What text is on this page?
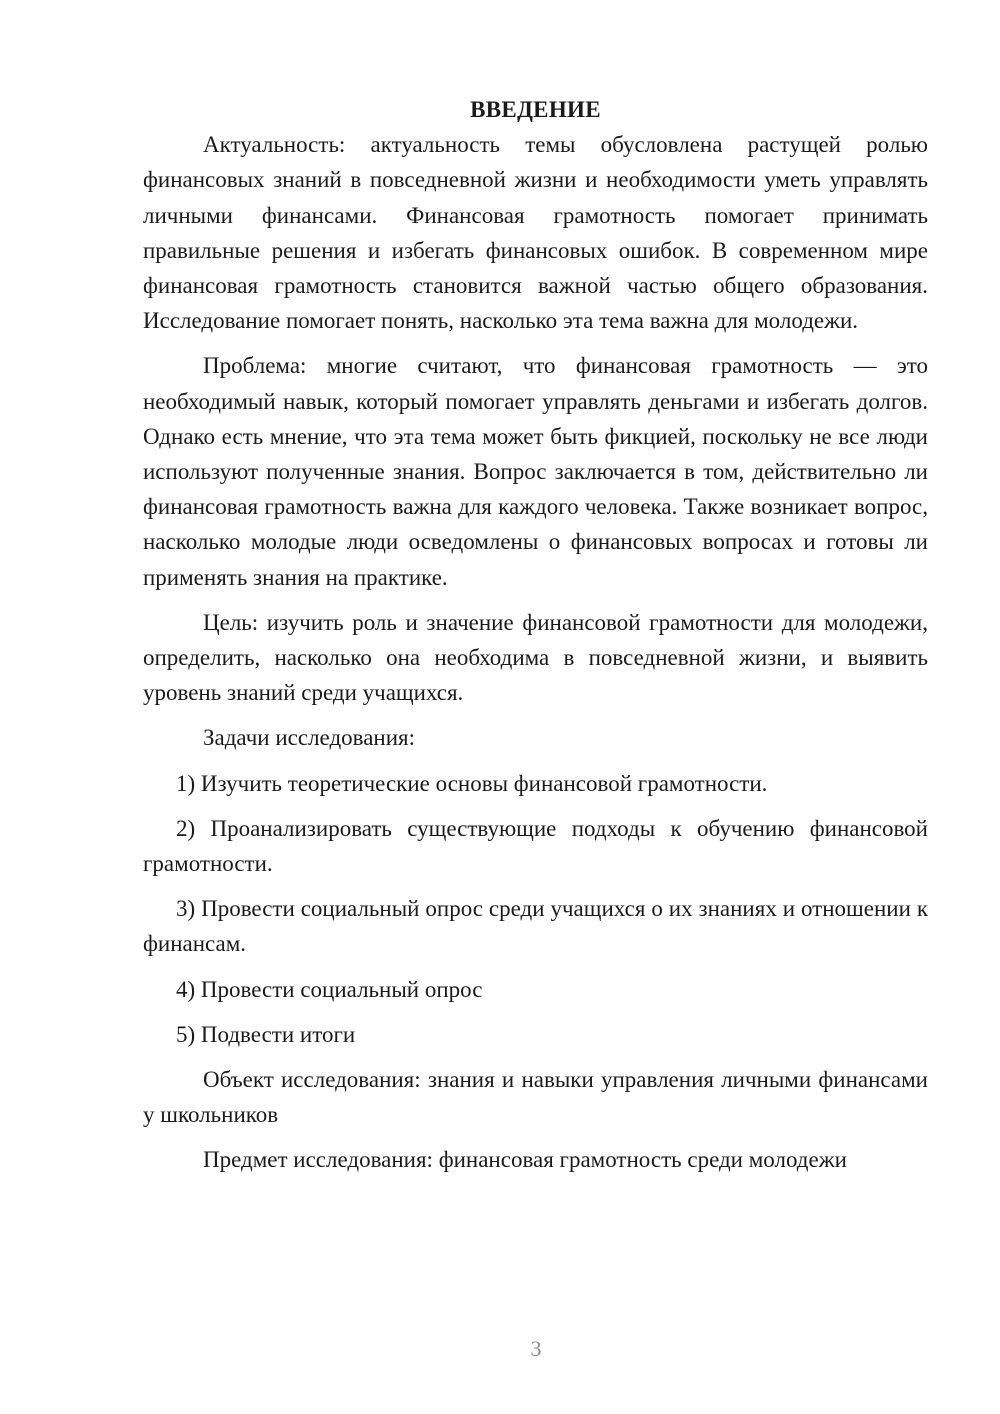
ВВЕДЕНИЕ

Актуальность: актуальность темы обусловлена растущей ролью финансовых знаний в повседневной жизни и необходимости уметь управлять личными финансами. Финансовая грамотность помогает принимать правильные решения и избегать финансовых ошибок. В современном мире финансовая грамотность становится важной частью общего образования. Исследование помогает понять, насколько эта тема важна для молодежи.

Проблема: многие считают, что финансовая грамотность — это необходимый навык, который помогает управлять деньгами и избегать долгов. Однако есть мнение, что эта тема может быть фикцией, поскольку не все люди используют полученные знания. Вопрос заключается в том, действительно ли финансовая грамотность важна для каждого человека. Также возникает вопрос, насколько молодые люди осведомлены о финансовых вопросах и готовы ли применять знания на практике.

Цель: изучить роль и значение финансовой грамотности для молодежи, определить, насколько она необходима в повседневной жизни, и выявить уровень знаний среди учащихся.

Задачи исследования:

1) Изучить теоретические основы финансовой грамотности.

2) Проанализировать существующие подходы к обучению финансовой грамотности.

3) Провести социальный опрос среди учащихся о их знаниях и отношении к финансам.

4) Провести социальный опрос

5) Подвести итоги

Объект исследования: знания и навыки управления личными финансами у школьников

Предмет исследования: финансовая грамотность среди молодежи

3
